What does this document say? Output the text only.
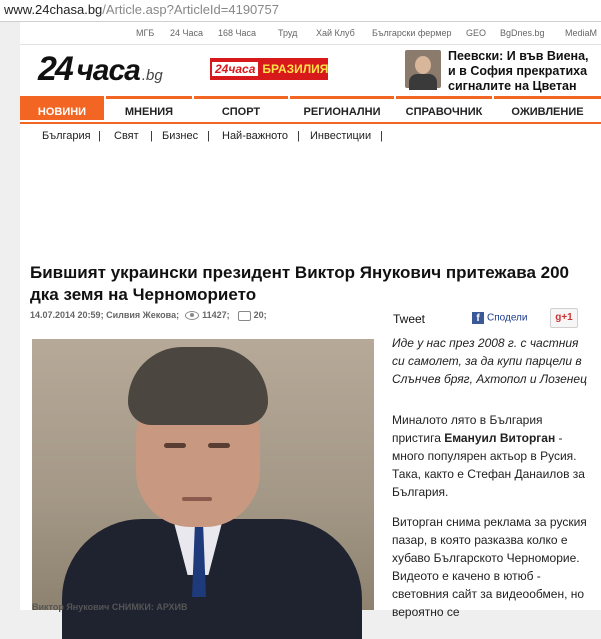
www.24chasa.bg/Article.asp?ArticleId=4190757
МГБ 24 Часа 168 Часа Труд Хай Клуб Български фермер GEO BgDnes.bg MediaM
24 часа .bg	24часа БРАЗИЛИЯ
Пеевски: И във Виена, и в София прекратиха сигналите на Цветан
НОВИНИ	МНЕНИЯ	СПОРТ	РЕГИОНАЛНИ	СПРАВОЧНИК	ОЖИВЛЕНИЕ
България | Свят | Бизнес | Най-важното | Инвестиции |
Бившият украински президент Виктор Янукович притежава 200 дка земя на Черноморието
14.07.2014 20:59; Силвия Жекова;	11427;	20;
Виктор Янукович СНИМКИ: АРХИВ
Tweet	f Сподели	g+1
Иде у нас през 2008 г. с частния си самолет, за да купи парцели в Слънчев бряг, Ахтопол и Лозенец

Миналото лято в България пристига Емануил Виторган - много популярен актьор в Русия. Така, както е Стефан Данаилов за България.

Виторган снима реклама за руския пазар, в която разказва колко е хубаво Българското Черноморие. Видеото е качено в ютюб - световния сайт за видеообмен, но вероятно се
